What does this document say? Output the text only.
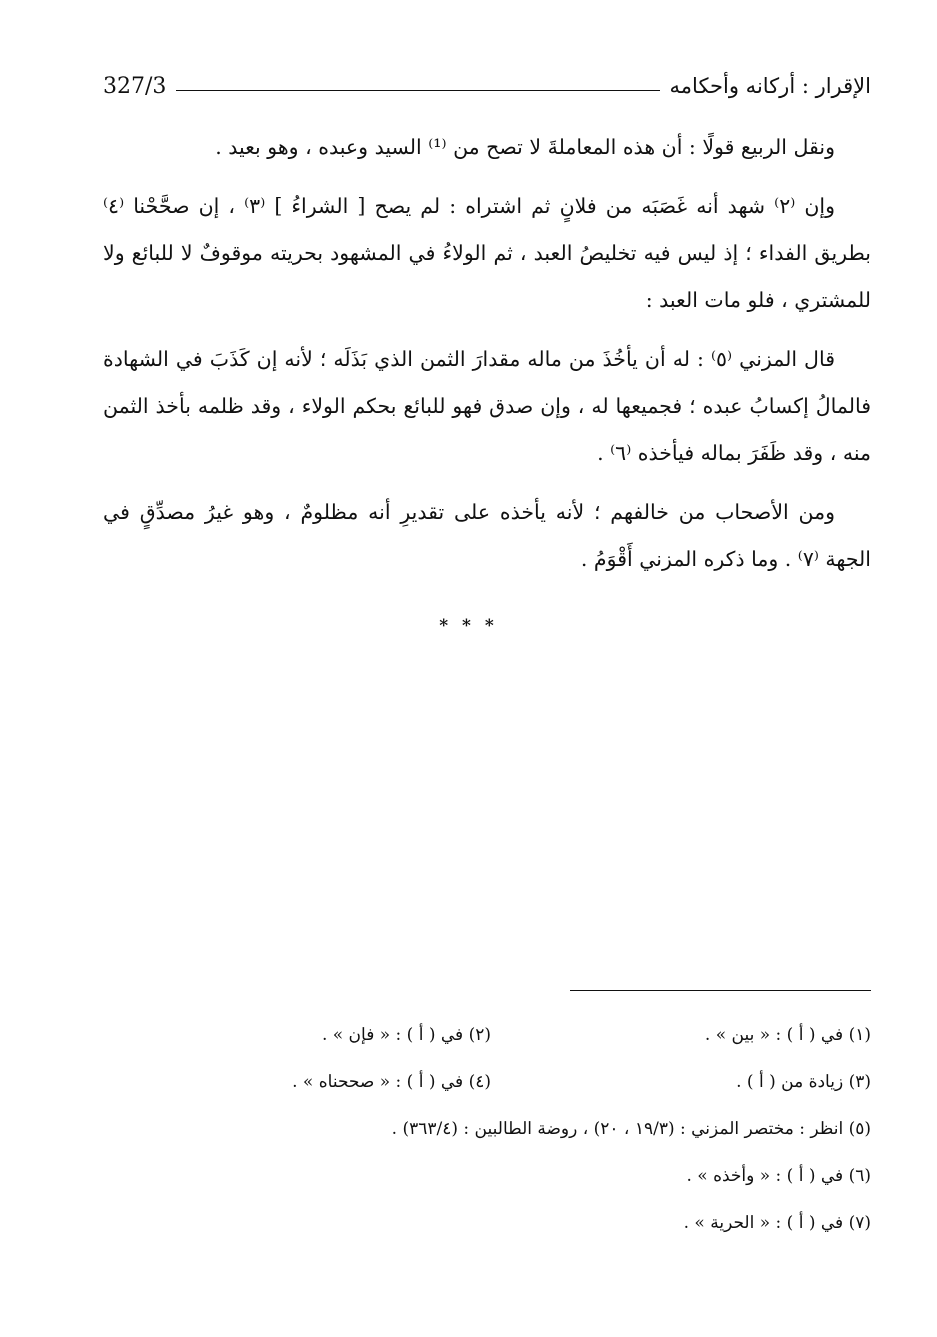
327/3	الإقرار : أركانه وأحكامه

ونقل الربيع قولًا : أن هذه المعاملةَ لا تصح من ⁽¹⁾ السيد وعبده ، وهو بعيد .

وإن ⁽٢⁾ شهد أنه غَصَبَه من فلانٍ ثم اشتراه : لم يصح [ الشراءُ ] ⁽٣⁾ ، إن صحَّحْنا ⁽٤⁾ بطريق الفداء ؛ إذ ليس فيه تخليصُ العبد ، ثم الولاءُ في المشهود بحريته موقوفٌ لا للبائع ولا للمشتري ، فلو مات العبد :

قال المزني ⁽٥⁾ : له أن يأخُذَ من ماله مقدارَ الثمن الذي بَذَلَه ؛ لأنه إن كَذَبَ في الشهادة فالمالُ إكسابُ عبده ؛ فجميعها له ، وإن صدق فهو للبائع بحكم الولاء ، وقد ظلمه بأخذ الثمن منه ، وقد ظَفَرَ بماله فيأخذه ⁽٦⁾ .

ومن الأصحاب من خالفهم ؛ لأنه يأخذه على تقديرِ أنه مظلومٌ ، وهو غيرُ مصدِّقٍ في الجهة ⁽٧⁾ . وما ذكره المزني أَقْوَمُ .

* * *
(١) في ( أ ) : « بين » .
(٢) في ( أ ) : « فإن » .
(٣) زيادة من ( أ ) .
(٤) في ( أ ) : « صححناه » .
(٥) انظر : مختصر المزني : (١٩/٣ ، ٢٠) ، روضة الطالبين : (٣٦٣/٤) .
(٦) في ( أ ) : « وأخذه » .
(٧) في ( أ ) : « الحرية » .
